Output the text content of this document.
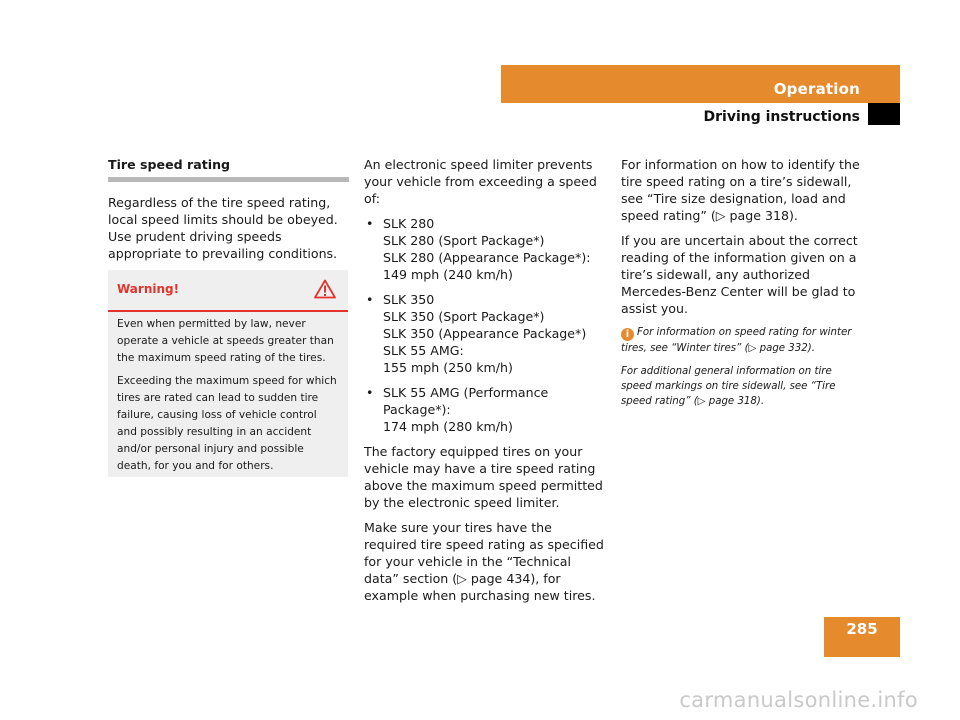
Operation
Driving instructions
Tire speed rating

Regardless of the tire speed rating, local speed limits should be obeyed. Use prudent driving speeds appropriate to prevailing conditions.

Warning!

Even when permitted by law, never operate a vehicle at speeds greater than the maximum speed rating of the tires.

Exceeding the maximum speed for which tires are rated can lead to sudden tire failure, causing loss of vehicle control and possibly resulting in an accident and/or personal injury and possible death, for you and for others.

An electronic speed limiter prevents your vehicle from exceeding a speed of:

• SLK 280
SLK 280 (Sport Package*)
SLK 280 (Appearance Package*):
149 mph (240 km/h)
• SLK 350
SLK 350 (Sport Package*)
SLK 350 (Appearance Package*)
SLK 55 AMG:
155 mph (250 km/h)
• SLK 55 AMG (Performance Package*):
174 mph (280 km/h)

The factory equipped tires on your vehicle may have a tire speed rating above the maximum speed permitted by the electronic speed limiter.

Make sure your tires have the required tire speed rating as specified for your vehicle in the “Technical data” section (▷ page 434), for example when purchasing new tires.

For information on how to identify the tire speed rating on a tire’s sidewall, see “Tire size designation, load and speed rating” (▷ page 318).

If you are uncertain about the correct reading of the information given on a tire’s sidewall, any authorized Mercedes-Benz Center will be glad to assist you.

i For information on speed rating for winter tires, see “Winter tires” (▷ page 332).

For additional general information on tire speed markings on tire sidewall, see “Tire speed rating” (▷ page 318).

285
carmanualsonline.info
